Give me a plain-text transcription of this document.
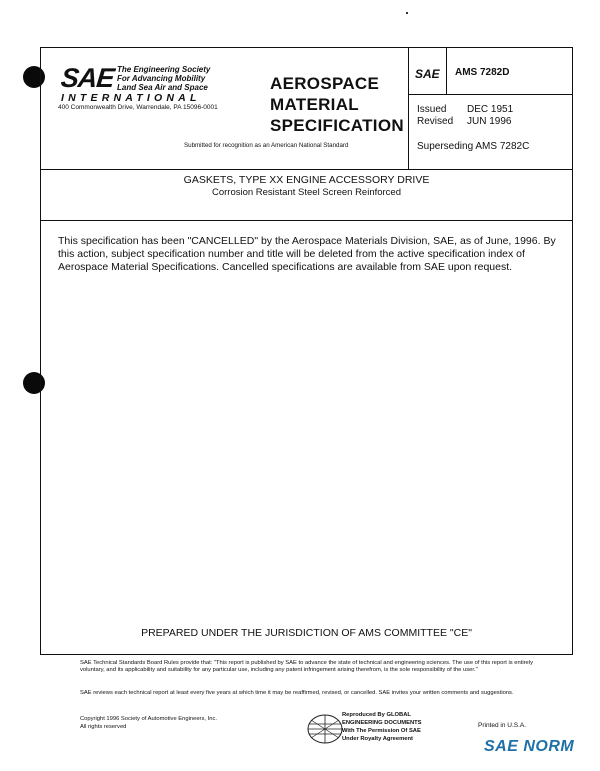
SAE The Engineering Society
For Advancing Mobility
Land Sea Air and Space
INTERNATIONAL
400 Commonwealth Drive, Warrendale, PA 15096-0001
AEROSPACE
MATERIAL
SPECIFICATION
Submitted for recognition as an American National Standard
SAE AMS 7282D
Issued DEC 1951
Revised JUN 1996
Superseding AMS 7282C
GASKETS, TYPE XX ENGINE ACCESSORY DRIVE
Corrosion Resistant Steel Screen Reinforced
This specification has been "CANCELLED" by the Aerospace Materials Division, SAE, as of June, 1996. By this action, subject specification number and title will be deleted from the active specification index of Aerospace Material Specifications. Cancelled specifications are available from SAE upon request.
PREPARED UNDER THE JURISDICTION OF AMS COMMITTEE "CE"
SAE Technical Standards Board Rules provide that: "This report is published by SAE to advance the state of technical and engineering sciences. The use of this report is entirely voluntary, and its applicability and suitability for any particular use, including any patent infringement arising therefrom, is the sole responsibility of the user."
SAE reviews each technical report at least every five years at which time it may be reaffirmed, revised, or cancelled. SAE invites your written comments and suggestions.
Copyright 1996 Society of Automotive Engineers, Inc.
All rights reserved
Reproduced By GLOBAL
ENGINEERING DOCUMENTS
With The Permission Of SAE
Under Royalty Agreement
Printed in U.S.A.
SAE NORM
